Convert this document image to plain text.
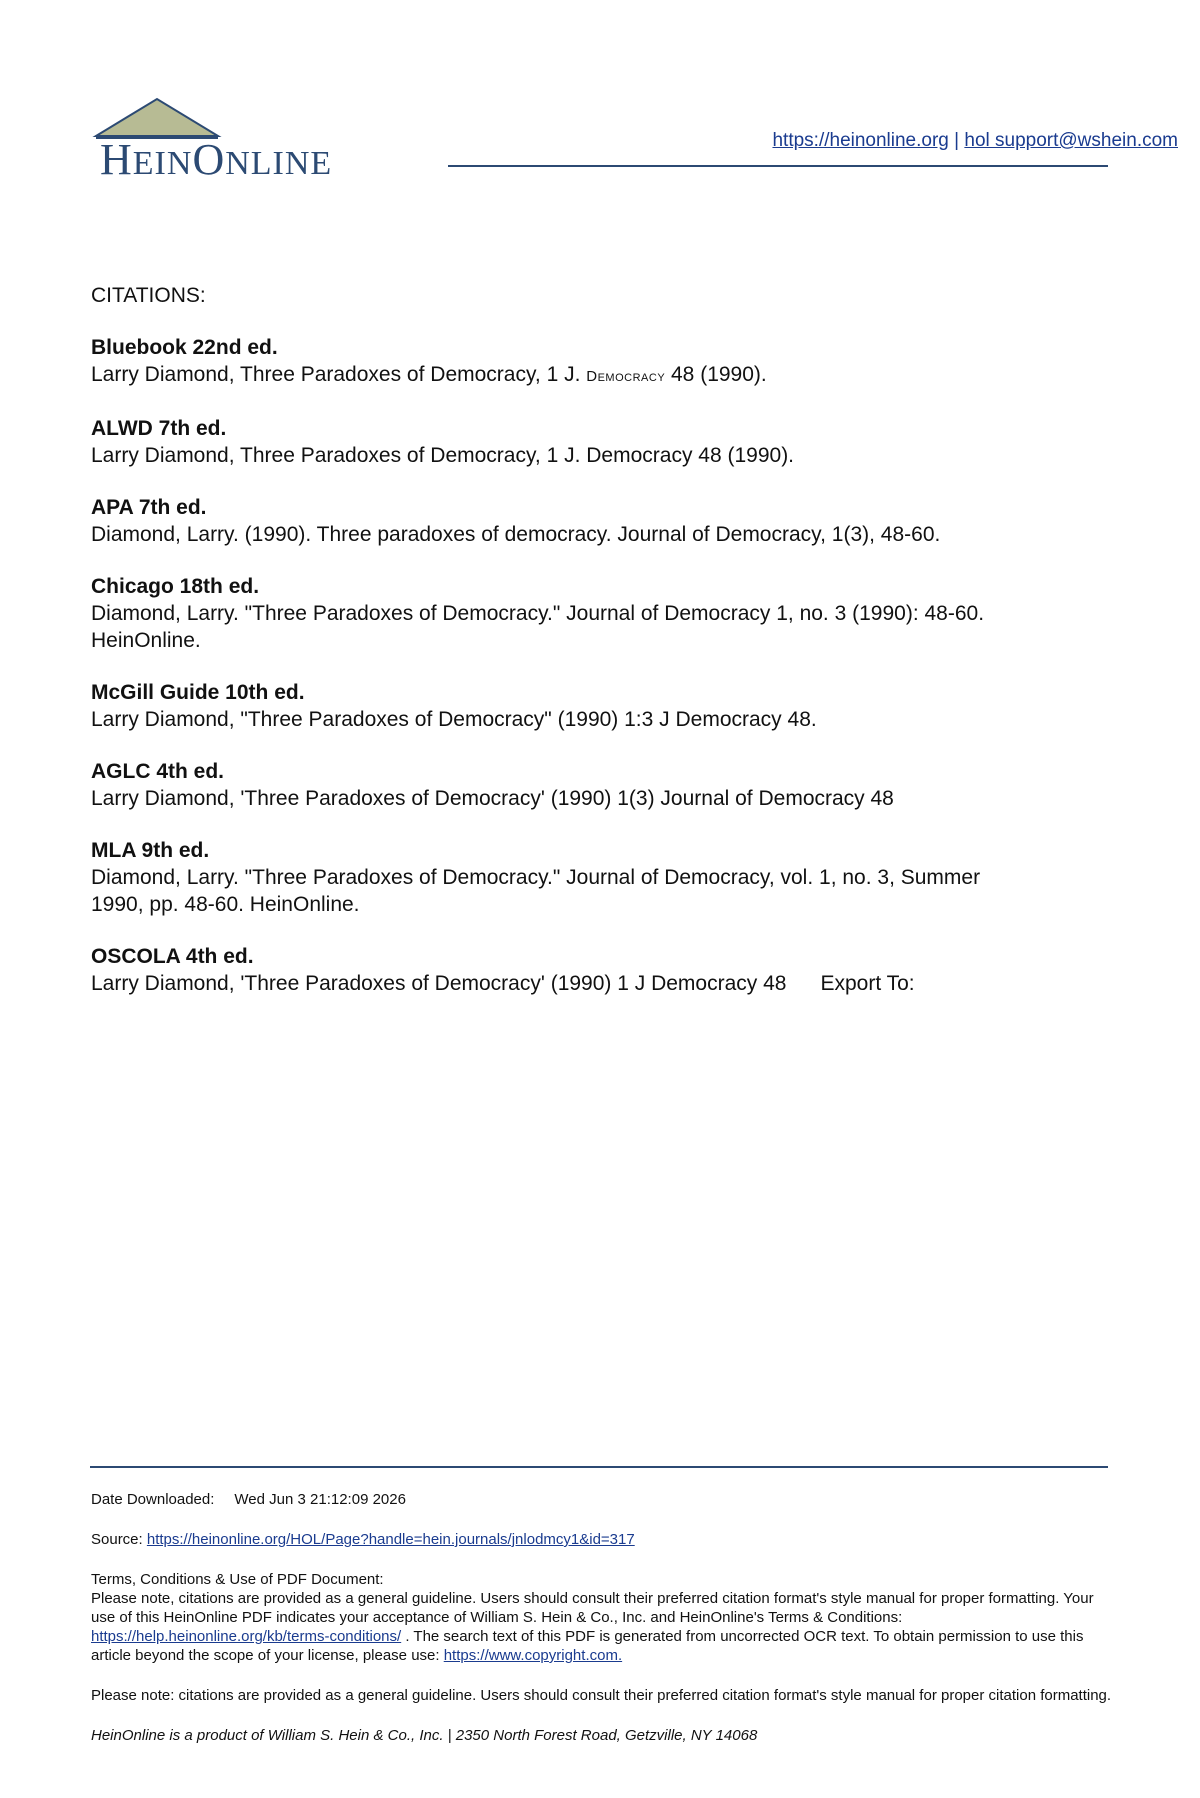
HEINONLINE
https://heinonline.org | hol support@wshein.com
CITATIONS:
Bluebook 22nd ed.
Larry Diamond, Three Paradoxes of Democracy, 1 J. Democracy 48 (1990).
ALWD 7th ed.
Larry Diamond, Three Paradoxes of Democracy, 1 J. Democracy 48 (1990).
APA 7th ed.
Diamond, Larry. (1990). Three paradoxes of democracy. Journal of Democracy, 1(3), 48-60.
Chicago 18th ed.
Diamond, Larry. "Three Paradoxes of Democracy." Journal of Democracy 1, no. 3 (1990): 48-60. HeinOnline.
McGill Guide 10th ed.
Larry Diamond, "Three Paradoxes of Democracy" (1990) 1:3 J Democracy 48.
AGLC 4th ed.
Larry Diamond, 'Three Paradoxes of Democracy' (1990) 1(3) Journal of Democracy 48
MLA 9th ed.
Diamond, Larry. "Three Paradoxes of Democracy." Journal of Democracy, vol. 1, no. 3, Summer 1990, pp. 48-60. HeinOnline.
OSCOLA 4th ed.
Larry Diamond, 'Three Paradoxes of Democracy' (1990) 1 J Democracy 48 Export To:

Date Downloaded: Wed Jun 3 21:12:09 2026

Source: https://heinonline.org/HOL/Page?handle=hein.journals/jnlodmcy1&id=317

Terms, Conditions & Use of PDF Document:
Please note, citations are provided as a general guideline. Users should consult their preferred citation format's style manual for proper formatting. Your use of this HeinOnline PDF indicates your acceptance of William S. Hein & Co., Inc. and HeinOnline's Terms & Conditions: https://help.heinonline.org/kb/terms-conditions/ . The search text of this PDF is generated from uncorrected OCR text. To obtain permission to use this article beyond the scope of your license, please use: https://www.copyright.com.

Please note: citations are provided as a general guideline. Users should consult their preferred citation format's style manual for proper citation formatting.

HeinOnline is a product of William S. Hein & Co., Inc. | 2350 North Forest Road, Getzville, NY 14068
